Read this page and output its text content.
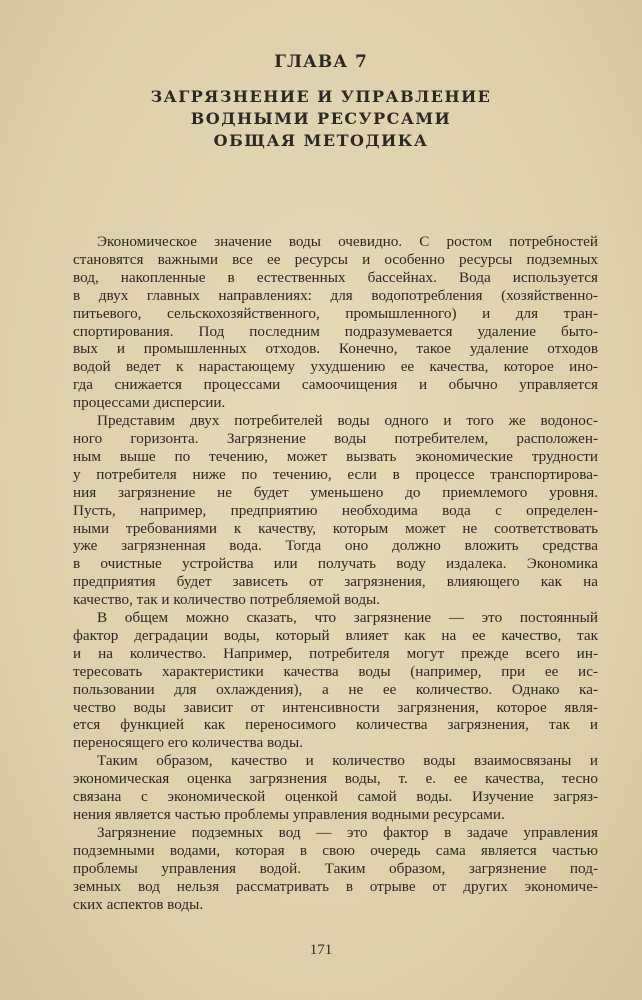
ГЛАВА 7
ЗАГРЯЗНЕНИЕ И УПРАВЛЕНИЕ
ВОДНЫМИ РЕСУРСАМИ
ОБЩАЯ МЕТОДИКА
Экономическое значение воды очевидно. С ростом потребностей
становятся важными все ее ресурсы и особенно ресурсы подземных
вод, накопленные в естественных бассейнах. Вода используется
в двух главных направлениях: для водопотребления (хозяйственно-
питьевого, сельскохозяйственного, промышленного) и для тран-
спортирования. Под последним подразумевается удаление быто-
вых и промышленных отходов. Конечно, такое удаление отходов
водой ведет к нарастающему ухудшению ее качества, которое ино-
гда снижается процессами самоочищения и обычно управляется
процессами дисперсии.
Представим двух потребителей воды одного и того же водонос-
ного горизонта. Загрязнение воды потребителем, расположен-
ным выше по течению, может вызвать экономические трудности
у потребителя ниже по течению, если в процессе транспортирова-
ния загрязнение не будет уменьшено до приемлемого уровня.
Пусть, например, предприятию необходима вода с определен-
ными требованиями к качеству, которым может не соответствовать
уже загрязненная вода. Тогда оно должно вложить средства
в очистные устройства или получать воду издалека. Экономика
предприятия будет зависеть от загрязнения, влияющего как на
качество, так и количество потребляемой воды.
В общем можно сказать, что загрязнение — это постоянный
фактор деградации воды, который влияет как на ее качество, так
и на количество. Например, потребителя могут прежде всего ин-
тересовать характеристики качества воды (например, при ее ис-
пользовании для охлаждения), а не ее количество. Однако ка-
чество воды зависит от интенсивности загрязнения, которое явля-
ется функцией как переносимого количества загрязнения, так и
переносящего его количества воды.
Таким образом, качество и количество воды взаимосвязаны и
экономическая оценка загрязнения воды, т. е. ее качества, тесно
связана с экономической оценкой самой воды. Изучение загряз-
нения является частью проблемы управления водными ресурсами.
Загрязнение подземных вод — это фактор в задаче управления
подземными водами, которая в свою очередь сама является частью
проблемы управления водой. Таким образом, загрязнение под-
земных вод нельзя рассматривать в отрыве от других экономиче-
ских аспектов воды.
171
